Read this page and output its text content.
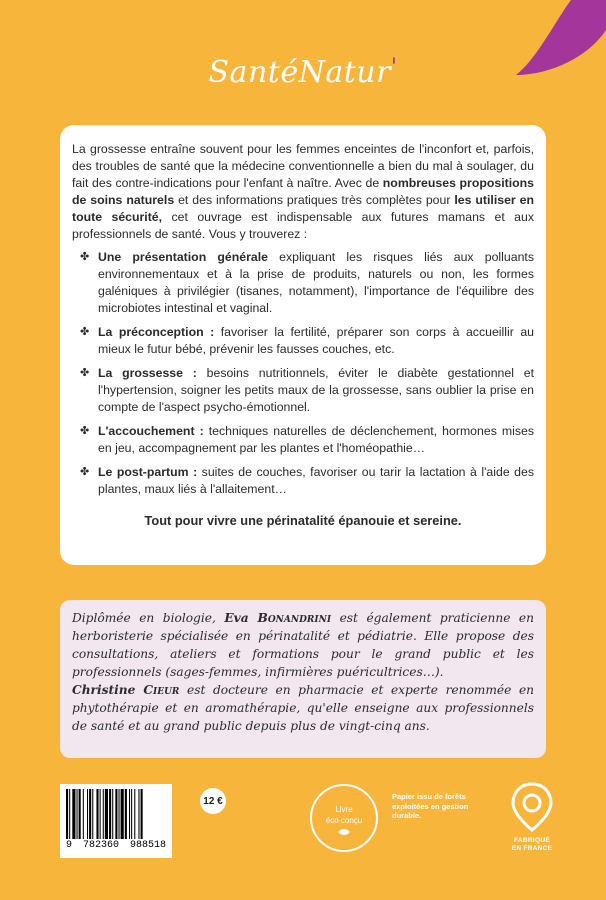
SantéNatur'

La grossesse entraîne souvent pour les femmes enceintes de l'inconfort et, parfois, des troubles de santé que la médecine conventionnelle a bien du mal à soulager, du fait des contre-indications pour l'enfant à naître. Avec de nombreuses propositions de soins naturels et des informations pratiques très complètes pour les utiliser en toute sécurité, cet ouvrage est indispensable aux futures mamans et aux professionnels de santé. Vous y trouverez :

✤ Une présentation générale expliquant les risques liés aux polluants environnementaux et à la prise de produits, naturels ou non, les formes galéniques à privilégier (tisanes, notamment), l'importance de l'équilibre des microbiotes intestinal et vaginal.
✤ La préconception : favoriser la fertilité, préparer son corps à accueillir au mieux le futur bébé, prévenir les fausses couches, etc.
✤ La grossesse : besoins nutritionnels, éviter le diabète gestationnel et l'hypertension, soigner les petits maux de la grossesse, sans oublier la prise en compte de l'aspect psycho-émotionnel.
✤ L'accouchement : techniques naturelles de déclenchement, hormones mises en jeu, accompagnement par les plantes et l'homéopathie…
✤ Le post-partum : suites de couches, favoriser ou tarir la lactation à l'aide des plantes, maux liés à l'allaitement…

Tout pour vivre une périnatalité épanouie et sereine.

Diplômée en biologie, Eva Bonandrini est également praticienne en herboristerie spécialisée en périnatalité et pédiatrie. Elle propose des consultations, ateliers et formations pour le grand public et les professionnels (sages-femmes, infirmières puéricultrices…).

Christine Cieur est docteure en pharmacie et experte renommée en phytothérapie et en aromathérapie, qu'elle enseigne aux professionnels de santé et au grand public depuis plus de vingt-cinq ans.

9 782360 988518
12 €
Livre
éco conçu
Papier issu de forêts exploitées en gestion durable.
FABRIQUÉ
EN FRANCE
